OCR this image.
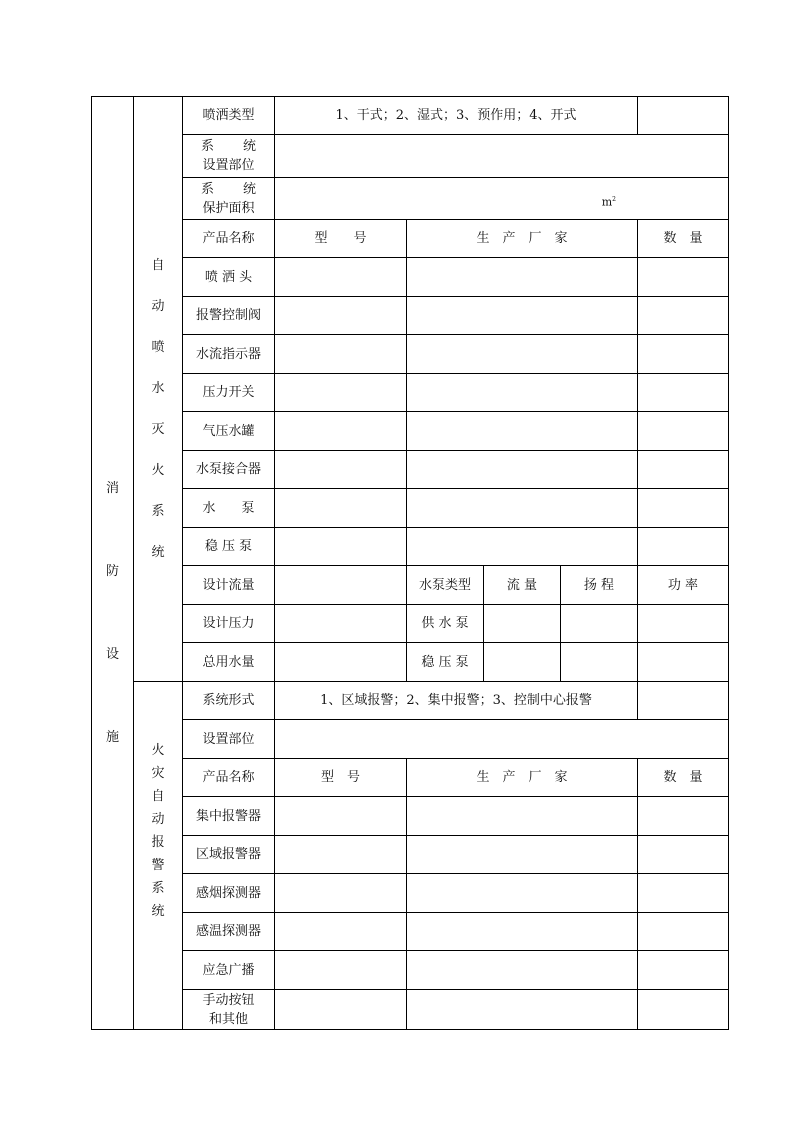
消
防
设
施

自
动
喷
水
灭
火
系
统
	喷洒类型	1、干式；2、湿式；3、预作用；4、开式	

		系 统
设置部位					

		系 统
保护面积	$m^2$

		产品名称	型　　号	生　产　厂　家			数　量
		喷 洒 头					
		报警控制阀					
		水流指示器					
		压力开关					
		气压水罐					
		水泵接合器					
		水　　泵					
		稳 压 泵					
		设计流量		水泵类型	流 量	扬 程	功 率
		设计压力		供 水 泵			
		总用水量		稳 压 泵			

火
灾
自
动
报
警
系
统
	系统形式	1、区域报警；2、集中报警；3、控制中心报警	
		设置部位					
		产品名称	型　号	生　产　厂　家			数　量
		集中报警器					
		区域报警器					
		感烟探测器					
		感温探测器					
		应急广播					

		手动按钮
和其他					
